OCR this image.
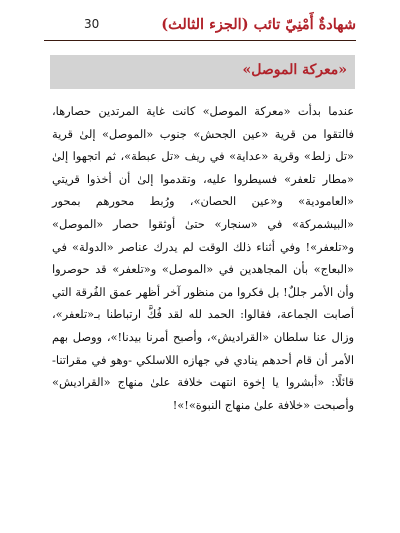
30	شهادةٌ أَمْنِيّ تائب (الجزء الثالث)
«معركة الموصل»

عندما بدأت «معركة الموصل» كانت غاية المرتدين حصارها، فالتقوا من قرية «عين الجحش» جنوب «الموصل» إلىٰ قرية «تل زلط» وقرية «عداية» في ريف «تل عبطة»، ثم اتجهوا إلىٰ «مطار تلعفر» فسيطروا عليه، وتقدموا إلىٰ أن أخذوا قريتي «العامودية» و«عين الحصان»، ورُبط محورهم بمحور «البيشمركة» في «سنجار» حتىٰ أوثقوا حصار «الموصل» و«تلعفر»! وفي أثناء ذلك الوقت لم يدرك عناصر «الدولة» في «البعاج» بأن المجاهدين في «الموصل» و«تلعفر» قد حوصروا وأن الأمر جللٌ! بل فكروا من منظور آخر أظهر عمق الفُرقة التي أصابت الجماعة، فقالوا: الحمد لله لقد فُكَّ ارتباطنا بـ«تلعفر»، وزال عنا سلطان «القراديش»، وأصبح أمرنا بيدنا!»، ووصل بهم الأمر أن قام أحدهم ينادي في جهازه اللاسلكي -وهو في مقراتنا- قائلًا: «أبشروا يا إخوة انتهت خلافة علىٰ منهاج «القراديش» وأصبحت «خلافة علىٰ منهاج النبوة»!»!
